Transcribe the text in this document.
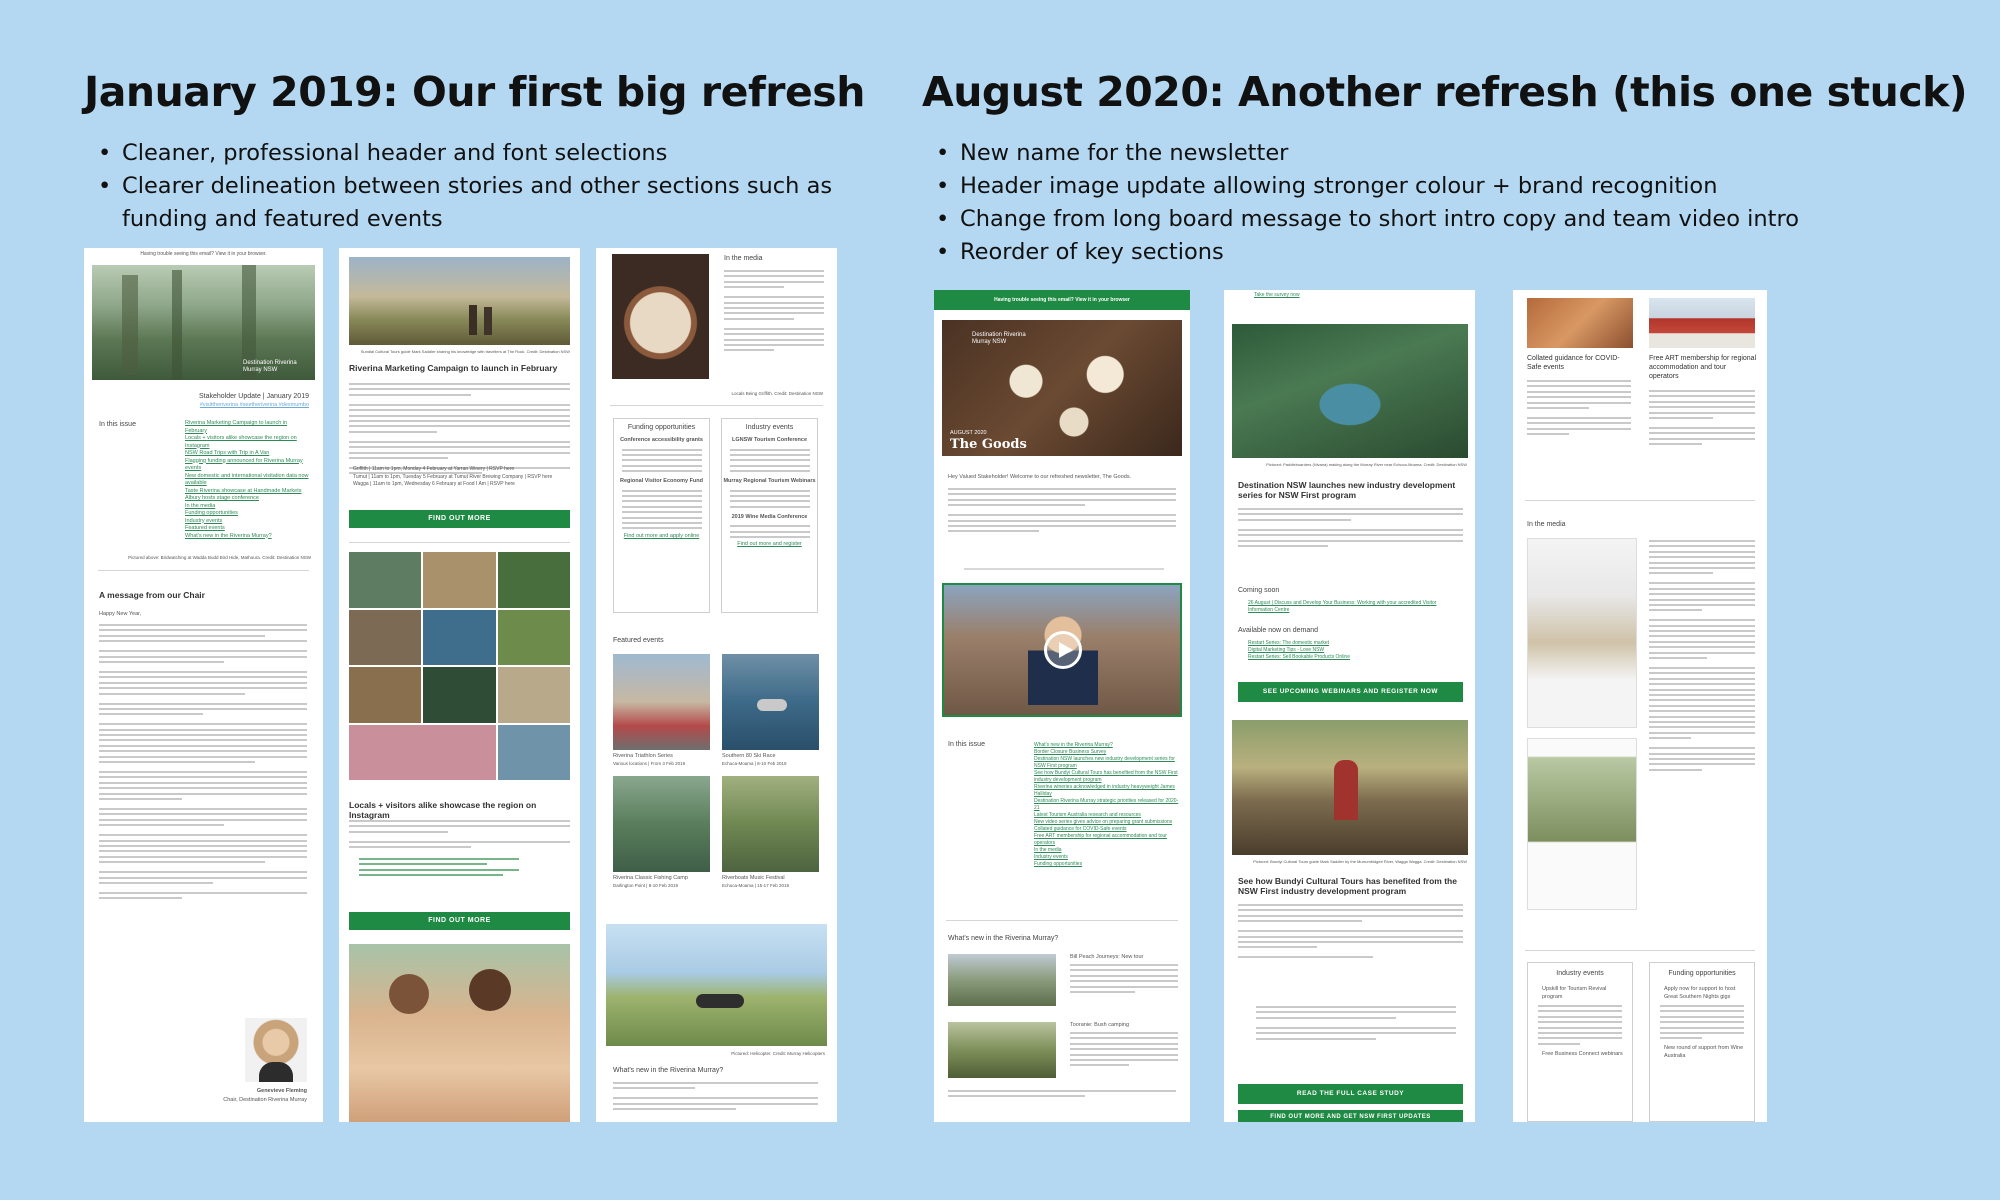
January 2019: Our first big refresh
• Cleaner, professional header and font selections
• Clearer delineation between stories and other sections such as
funding and featured events
Having trouble seeing this email? View it in your browser.
Destination Riverina Murray NSW
Stakeholder Update | January 2019
#visittheriverina #seetheriverina #desmumbo
In this issue	Riverina Marketing Campaign to launch in February
Locals + visitors alike showcase the region on Instagram
NSW Road Trips with Trip in A Van
Flagging funding announced for Riverina Murray events
New domestic and international visitation data now available
Taste Riverina showcase at Handmade Markets
Albury hosts stage conference
In the media
Funding opportunities
Industry events
Featured events
What's new in the Riverina Murray?
Pictured above: Birdwatching at Wadda Budd Bird Hide, Mathoura. Credit: Destination NSW
A message from our Chair
Happy New Year,
Genevieve Fleming
Chair, Destination Riverina Murray
Sundial Cultural Tours guide Mark Saddler sharing his knowledge with travellers at The Rock. Credit: Destination NSW
Riverina Marketing Campaign to launch in February
Griffith | 11am to 1pm, Monday 4 February at Yarran Winery | RSVP here
Tumut | 11am to 1pm, Tuesday 5 February at Tumut River Brewing Company | RSVP here
Wagga | 11am to 1pm, Wednesday 6 February at Food I Am | RSVP here
FIND OUT MORE
Locals + visitors alike showcase the region on Instagram
FIND OUT MORE
In the media
Locals Being Griffith. Credit: Destination NSW
Funding opportunities
Conference accessibility grants
Regional Visitor Economy Fund
Find out more and apply online
Industry events
LGNSW Tourism Conference
Murray Regional Tourism Webinars
2019 Wine Media Conference
Find out more and register
Featured events
Riverina Triathlon Series
Various locations | From 3 Feb 2019
Southern 80 Ski Race
Echuca-Moama | 8-10 Feb 2019
Riverina Classic Fishing Camp
Darlington Point | 8-10 Feb 2019
Riverboats Music Festival
Echuca-Moama | 15-17 Feb 2019
Pictured: Helicopter. Credit: Murray Helicopters
What's new in the Riverina Murray?
August 2020: Another refresh (this one stuck)
• New name for the newsletter
• Header image update allowing stronger colour + brand recognition
• Change from long board message to short intro copy and team video intro
• Reorder of key sections
Having trouble seeing this email? View it in your browser
Destination Riverina Murray NSW
AUGUST 2020
The Goods
Hey Valued Stakeholder! Welcome to our refreshed newsletter, The Goods.
In this issue	What's new in the Riverina Murray?
Border Closure Business Survey
Destination NSW launches new industry development series for NSW First program
See how Bundyi Cultural Tours has benefited from the NSW First industry development program
Riverina wineries acknowledged in industry heavyweight James Halliday
Destination Riverina Murray strategic priorities released for 2020-21
Latest Tourism Australia research and resources
New video series gives advice on preparing grant submissions
Collated guidance for COVID-Safe events
Free ART membership for regional accommodation and tour operators
In the media
Industry events
Funding opportunities
What's new in the Riverina Murray?
Bill Peach Journeys: New tour
Tooranie: Bush camping
Take the survey now
Pictured: Paddleboarders (Nivana) making along the Murray River near Echuca-Moama. Credit: Destination NSW
Destination NSW launches new industry development series for NSW First program
Coming soon
26 August | Discuss and Develop Your Business: Working with your accredited Visitor Information Centre
Available now on demand
Restart Series: The domestic market
Digital Marketing Tips - Love NSW
Restart Series: Sell Bookable Products Online
SEE UPCOMING WEBINARS AND REGISTER NOW
Pictured: Bundyi Cultural Tours guide Mark Saddler by the Murrumbidgee River, Wagga Wagga. Credit: Destination NSW
See how Bundyi Cultural Tours has benefited from the NSW First industry development program
READ THE FULL CASE STUDY
FIND OUT MORE AND GET NSW FIRST UPDATES
Collated guidance for COVID-Safe events
Free ART membership for regional accommodation and tour operators
In the media
Industry events
Upskill for Tourism Revival program
Free Business Connect webinars
Funding opportunities
Apply now for support to host Great Southern Nights gigs
New round of support from Wine Australia
